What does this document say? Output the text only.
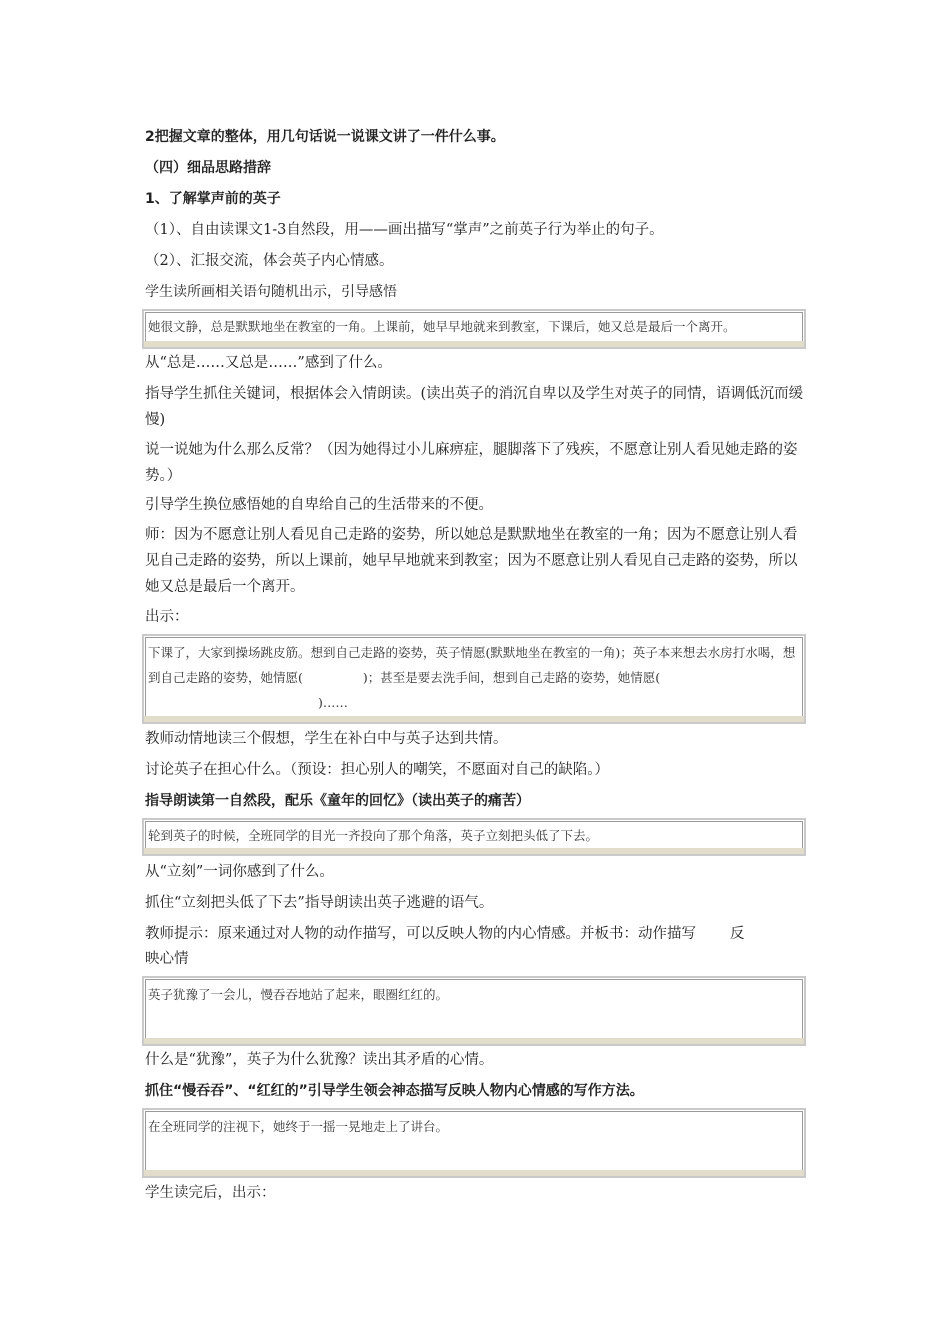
2把握文章的整体，用几句话说一说课文讲了一件什么事。
（四）细品思路措辞
1、了解掌声前的英子
（1）、自由读课文1-3自然段，用——画出描写“掌声”之前英子行为举止的句子。
（2）、汇报交流，体会英子内心情感。
学生读所画相关语句随机出示，引导感悟
她很文静，总是默默地坐在教室的一角。上课前，她早早地就来到教室，下课后，她又总是最后一个离开。
从“总是……又总是……”感到了什么。
指导学生抓住关键词，根据体会入情朗读。(读出英子的消沉自卑以及学生对英子的同情，语调低沉而缓慢)
说一说她为什么那么反常？（因为她得过小儿麻痹症，腿脚落下了残疾，不愿意让别人看见她走路的姿势。）
引导学生换位感悟她的自卑给自己的生活带来的不便。
师：因为不愿意让别人看见自己走路的姿势，所以她总是默默地坐在教室的一角；因为不愿意让别人看见自己走路的姿势，所以上课前，她早早地就来到教室；因为不愿意让别人看见自己走路的姿势，所以她又总是最后一个离开。
出示：
下课了，大家到操场跳皮筋。想到自己走路的姿势，英子情愿(默默地坐在教室的一角)；英子本来想去水房打水喝，想到自己走路的姿势，她情愿(	)；甚至是要去洗手间，想到自己走路的姿势，她情愿(
)……
教师动情地读三个假想，学生在补白中与英子达到共情。
讨论英子在担心什么。（预设：担心别人的嘲笑，不愿面对自己的缺陷。）
指导朗读第一自然段，配乐《童年的回忆》（读出英子的痛苦）
轮到英子的时候，全班同学的目光一齐投向了那个角落，英子立刻把头低了下去。
从“立刻”一词你感到了什么。
抓住“立刻把头低了下去”指导朗读出英子逃避的语气。
教师提示：原来通过对人物的动作描写，可以反映人物的内心情感。并板书：动作描写 反
映心情
英子犹豫了一会儿，慢吞吞地站了起来，眼圈红红的。
什么是“犹豫”，英子为什么犹豫？读出其矛盾的心情。
抓住“慢吞吞”、“红红的”引导学生领会神态描写反映人物内心情感的写作方法。
在全班同学的注视下，她终于一摇一晃地走上了讲台。
学生读完后，出示：
